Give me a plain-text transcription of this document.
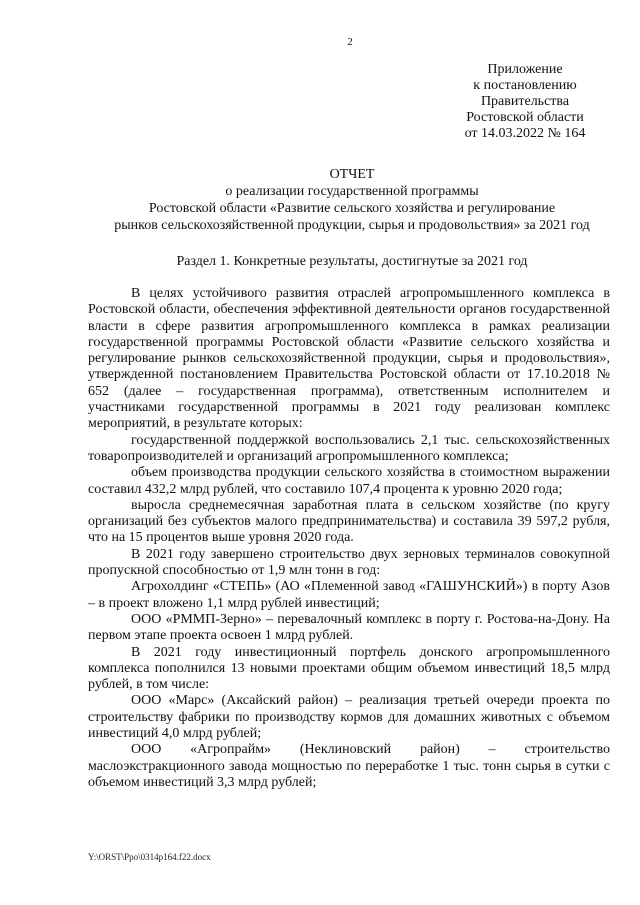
2
Приложение
к постановлению
Правительства
Ростовской области
от 14.03.2022 № 164
ОТЧЕТ
о реализации государственной программы
Ростовской области «Развитие сельского хозяйства и регулирование
рынков сельскохозяйственной продукции, сырья и продовольствия» за 2021 год
Раздел 1. Конкретные результаты, достигнутые за 2021 год

В целях устойчивого развития отраслей агропромышленного комплекса в Ростовской области, обеспечения эффективной деятельности органов государственной власти в сфере развития агропромышленного комплекса в рамках реализации государственной программы Ростовской области «Развитие сельского хозяйства и регулирование рынков сельскохозяйственной продукции, сырья и продовольствия», утвержденной постановлением Правительства Ростовской области от 17.10.2018 № 652 (далее – государственная программа), ответственным исполнителем и участниками государственной программы в 2021 году реализован комплекс мероприятий, в результате которых:

государственной поддержкой воспользовались 2,1 тыс. сельскохозяйственных товаропроизводителей и организаций агропромышленного комплекса;

объем производства продукции сельского хозяйства в стоимостном выражении составил 432,2 млрд рублей, что составило 107,4 процента к уровню 2020 года;

выросла среднемесячная заработная плата в сельском хозяйстве (по кругу организаций без субъектов малого предпринимательства) и составила 39 597,2 рубля, что на 15 процентов выше уровня 2020 года.

В 2021 году завершено строительство двух зерновых терминалов совокупной пропускной способностью от 1,9 млн тонн в год:

Агрохолдинг «СТЕПЬ» (АО «Племенной завод «ГАШУНСКИЙ») в порту Азов – в проект вложено 1,1 млрд рублей инвестиций;

ООО «РММП-Зерно» – перевалочный комплекс в порту г. Ростова-на-Дону. На первом этапе проекта освоен 1 млрд рублей.

В 2021 году инвестиционный портфель донского агропромышленного комплекса пополнился 13 новыми проектами общим объемом инвестиций 18,5 млрд рублей, в том числе:

ООО «Марс» (Аксайский район) – реализация третьей очереди проекта по строительству фабрики по производству кормов для домашних животных с объемом инвестиций 4,0 млрд рублей;

ООО «Агропрайм» (Неклиновский район) – строительство маслоэкстракционного завода мощностью по переработке 1 тыс. тонн сырья в сутки с объемом инвестиций 3,3 млрд рублей;

Y:\ORST\Ppo\0314p164.f22.docx
